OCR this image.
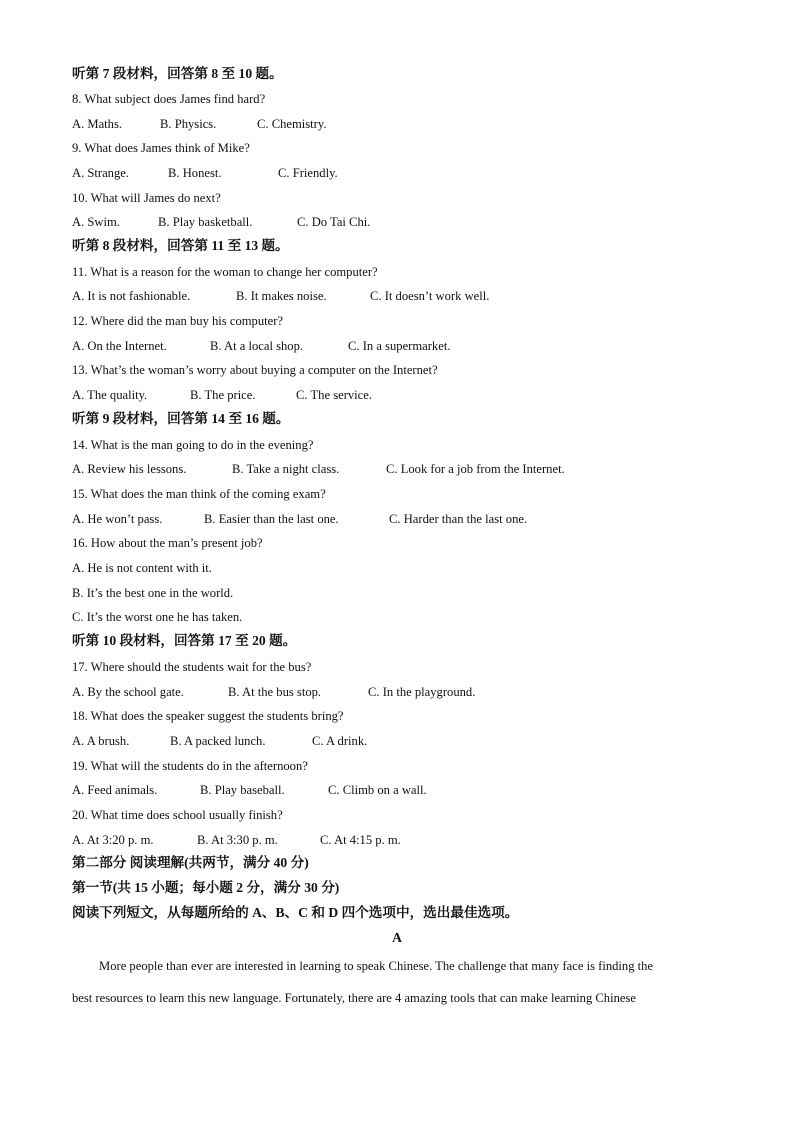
听第 7 段材料，回答第 8 至 10 题。
8. What subject does James find hard?
A. Maths.	B. Physics.	C. Chemistry.
9. What does James think of Mike?
A. Strange.	B. Honest.	C. Friendly.
10. What will James do next?
A. Swim.	B. Play basketball.	C. Do Tai Chi.
听第 8 段材料，回答第 11 至 13 题。
11. What is a reason for the woman to change her computer?
A. It is not fashionable.	B. It makes noise.	C. It doesn’t work well.
12. Where did the man buy his computer?
A. On the Internet.	B. At a local shop.	C. In a supermarket.
13. What’s the woman’s worry about buying a computer on the Internet?
A. The quality.	B. The price.	C. The service.
听第 9 段材料，回答第 14 至 16 题。
14. What is the man going to do in the evening?
A. Review his lessons.	B. Take a night class.	C. Look for a job from the Internet.
15. What does the man think of the coming exam?
A. He won’t pass.	B. Easier than the last one.	C. Harder than the last one.
16. How about the man’s present job?
A. He is not content with it.
B. It’s the best one in the world.
C. It’s the worst one he has taken.
听第 10 段材料，回答第 17 至 20 题。
17. Where should the students wait for the bus?
A. By the school gate.	B. At the bus stop.	C. In the playground.
18. What does the speaker suggest the students bring?
A. A brush.	B. A packed lunch.	C. A drink.
19. What will the students do in the afternoon?
A. Feed animals.	B. Play baseball.	C. Climb on a wall.
20. What time does school usually finish?
A. At 3:20 p. m.	B. At 3:30 p. m.	C. At 4:15 p. m.
第二部分 阅读理解(共两节，满分 40 分)
第一节(共 15 小题；每小题 2 分，满分 30 分)
阅读下列短文，从每题所给的 A、B、C 和 D 四个选项中，选出最佳选项。
A
More people than ever are interested in learning to speak Chinese. The challenge that many face is finding the
best resources to learn this new language. Fortunately, there are 4 amazing tools that can make learning Chinese
